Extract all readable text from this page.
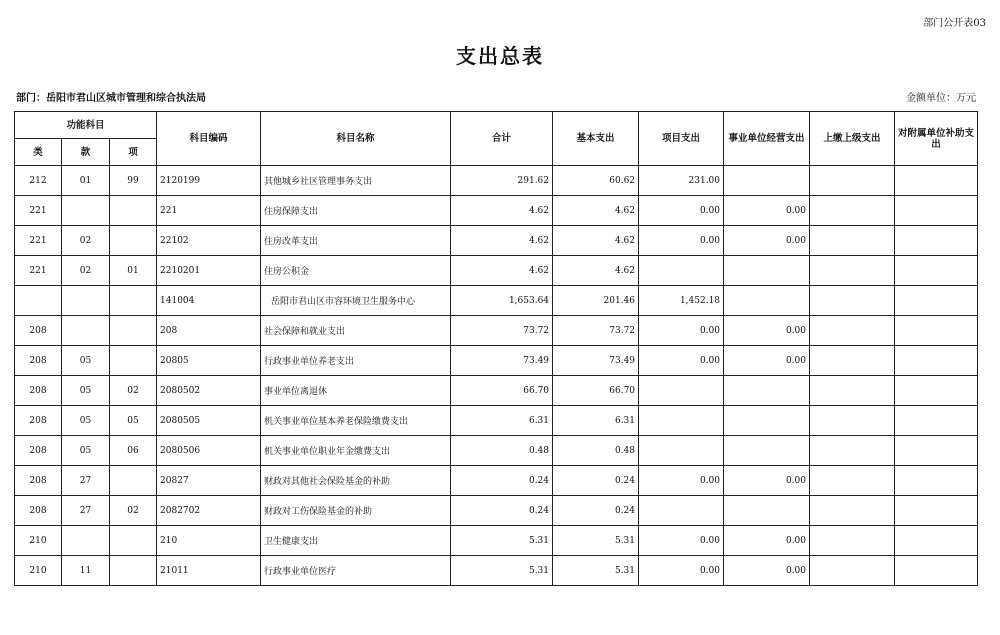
部门公开表03
支出总表
部门：岳阳市君山区城市管理和综合执法局	金额单位：万元
功能科目			科目编码	科目名称	合计	基本支出	项目支出	事业单位经营支出	上缴上级支出	对附属单位补助支出
类	款	项								
212	01	99	2120199	其他城乡社区管理事务支出	291.62	60.62	231.00			
221			221	住房保障支出	4.62	4.62	0.00	0.00		
221	02		22102	住房改革支出	4.62	4.62	0.00	0.00		
221	02	01	2210201	住房公积金	4.62	4.62				
			141004	岳阳市君山区市容环境卫生服务中心	1,653.64	201.46	1,452.18			
208			208	社会保障和就业支出	73.72	73.72	0.00	0.00		
208	05		20805	行政事业单位养老支出	73.49	73.49	0.00	0.00		
208	05	02	2080502	事业单位离退休	66.70	66.70				
208	05	05	2080505	机关事业单位基本养老保险缴费支出	6.31	6.31				
208	05	06	2080506	机关事业单位职业年金缴费支出	0.48	0.48				
208	27		20827	财政对其他社会保险基金的补助	0.24	0.24	0.00	0.00		
208	27	02	2082702	财政对工伤保险基金的补助	0.24	0.24				
210			210	卫生健康支出	5.31	5.31	0.00	0.00		
210	11		21011	行政事业单位医疗	5.31	5.31	0.00	0.00		
